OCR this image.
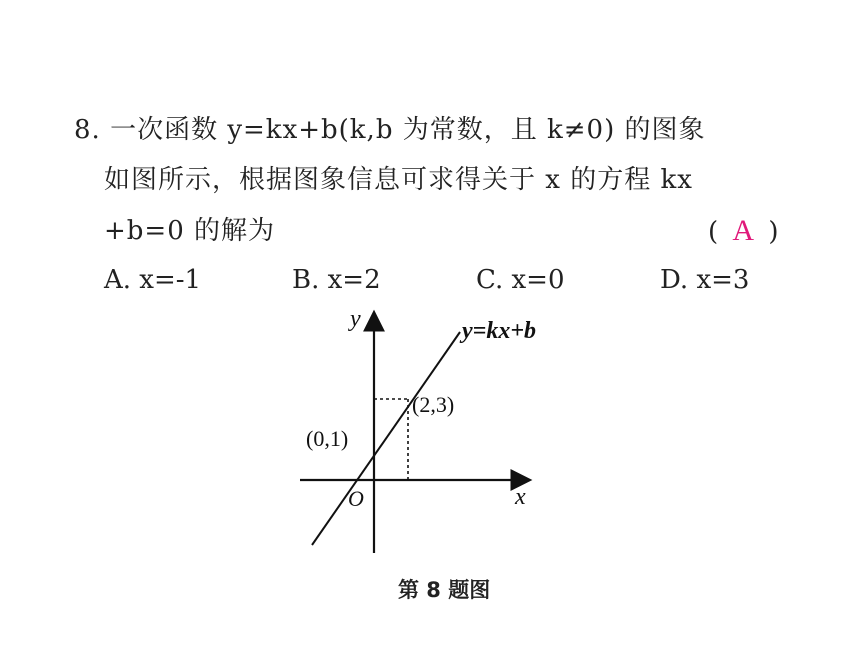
8. 一次函数 y=kx+b(k,b 为常数，且 k≠0) 的图象
如图所示，根据图象信息可求得关于 x 的方程 kx
+b=0 的解为	( A )
A. x=-1	B. x=2	C. x=0	D. x=3
y
x
O
y=kx+b
(0,1)
(2,3)
第 8 题图
